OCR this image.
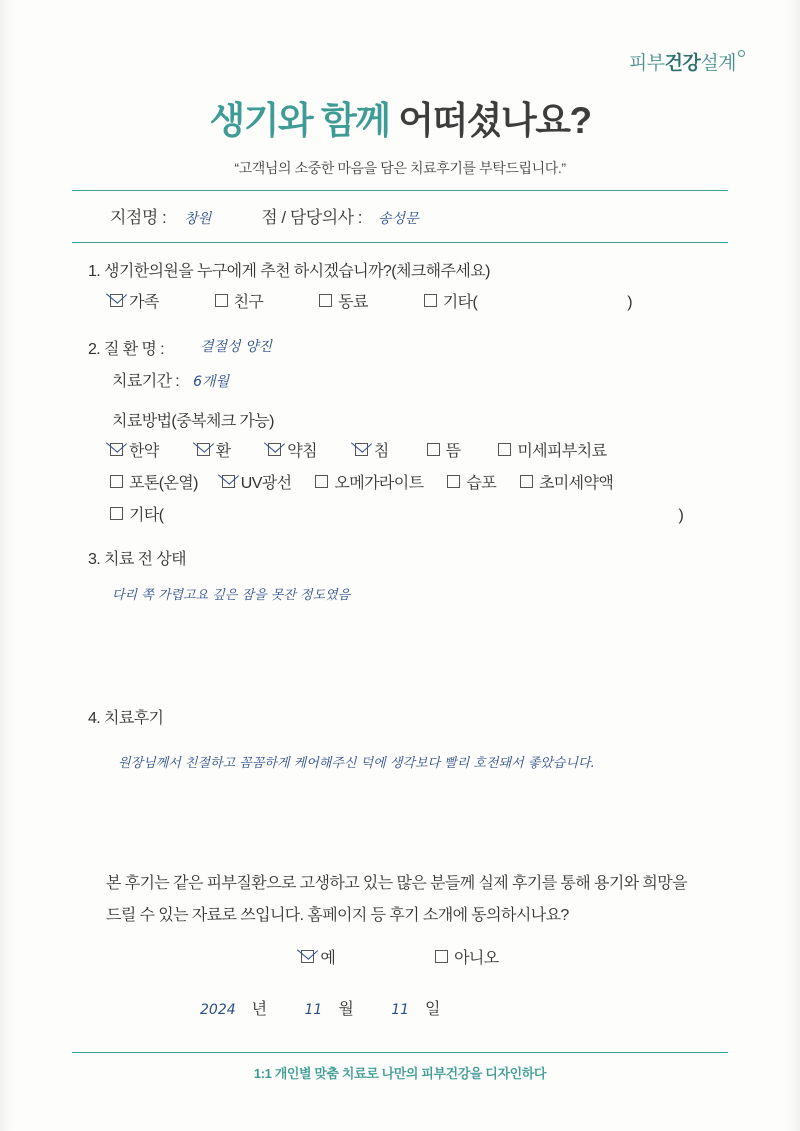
피부건강설계
생기와 함께 어떠셨나요?
“고객님의 소중한 마음을 담은 치료후기를 부탁드립니다.”
지점명 : 창원	점 / 담당의사 : 송성문
1. 생기한의원을 누구에게 추천 하시겠습니까?(체크해주세요)
가족	친구	동료	기타(	)
2. 질 환 명 :	결절성 양진
치료기간 : 6개월
치료방법(중복체크 가능)
한약	환	약침	침	뜸	미세피부치료
포톤(온열)	UV광선	오메가라이트	습포	초미세약액
기타(	)
3. 치료 전 상태
다리 쪽 가렵고요 깊은 잠을 못잔 정도였음
4. 치료후기
원장님께서 친절하고 꼼꼼하게 케어해주신 덕에 생각보다 빨리 호전돼서 좋았습니다.
본 후기는 같은 피부질환으로 고생하고 있는 많은 분들께 실제 후기를 통해 용기와 희망을 드릴 수 있는 자료로 쓰입니다. 홈페이지 등 후기 소개에 동의하시나요?
예	아니오
2024 년	11 월	11 일
1:1 개인별 맞춤 치료로 나만의 피부건강을 디자인하다
